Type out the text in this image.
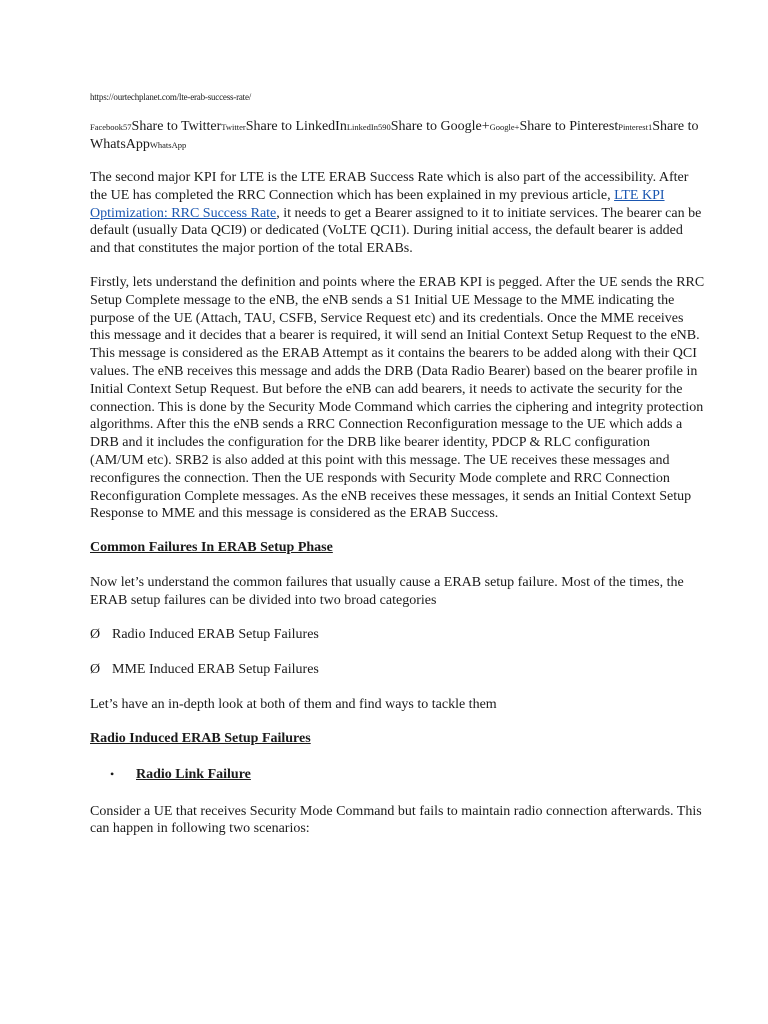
https://ourtechplanet.com/lte-erab-success-rate/
Facebook57Share to TwitterTwitterShare to LinkedInLinkedIn590Share to Google+Google+Share to PinterestPinterest1Share to WhatsAppWhatsApp

The second major KPI for LTE is the LTE ERAB Success Rate which is also part of the accessibility. After the UE has completed the RRC Connection which has been explained in my previous article, LTE KPI Optimization: RRC Success Rate, it needs to get a Bearer assigned to it to initiate services. The bearer can be default (usually Data QCI9) or dedicated (VoLTE QCI1). During initial access, the default bearer is added and that constitutes the major portion of the total ERABs.

Firstly, lets understand the definition and points where the ERAB KPI is pegged. After the UE sends the RRC Setup Complete message to the eNB, the eNB sends a S1 Initial UE Message to the MME indicating the purpose of the UE (Attach, TAU, CSFB, Service Request etc) and its credentials. Once the MME receives this message and it decides that a bearer is required, it will send an Initial Context Setup Request to the eNB. This message is considered as the ERAB Attempt as it contains the bearers to be added along with their QCI values. The eNB receives this message and adds the DRB (Data Radio Bearer) based on the bearer profile in Initial Context Setup Request. But before the eNB can add bearers, it needs to activate the security for the connection. This is done by the Security Mode Command which carries the ciphering and integrity protection algorithms. After this the eNB sends a RRC Connection Reconfiguration message to the UE which adds a DRB and it includes the configuration for the DRB like bearer identity, PDCP & RLC configuration (AM/UM etc). SRB2 is also added at this point with this message. The UE receives these messages and reconfigures the connection. Then the UE responds with Security Mode complete and RRC Connection Reconfiguration Complete messages. As the eNB receives these messages, it sends an Initial Context Setup Response to MME and this message is considered as the ERAB Success.

Common Failures In ERAB Setup Phase

Now let’s understand the common failures that usually cause a ERAB setup failure. Most of the times, the ERAB setup failures can be divided into two broad categories

Ø Radio Induced ERAB Setup Failures
Ø MME Induced ERAB Setup Failures

Let’s have an in-depth look at both of them and find ways to tackle them

Radio Induced ERAB Setup Failures
•	Radio Link Failure

Consider a UE that receives Security Mode Command but fails to maintain radio connection afterwards. This can happen in following two scenarios:
